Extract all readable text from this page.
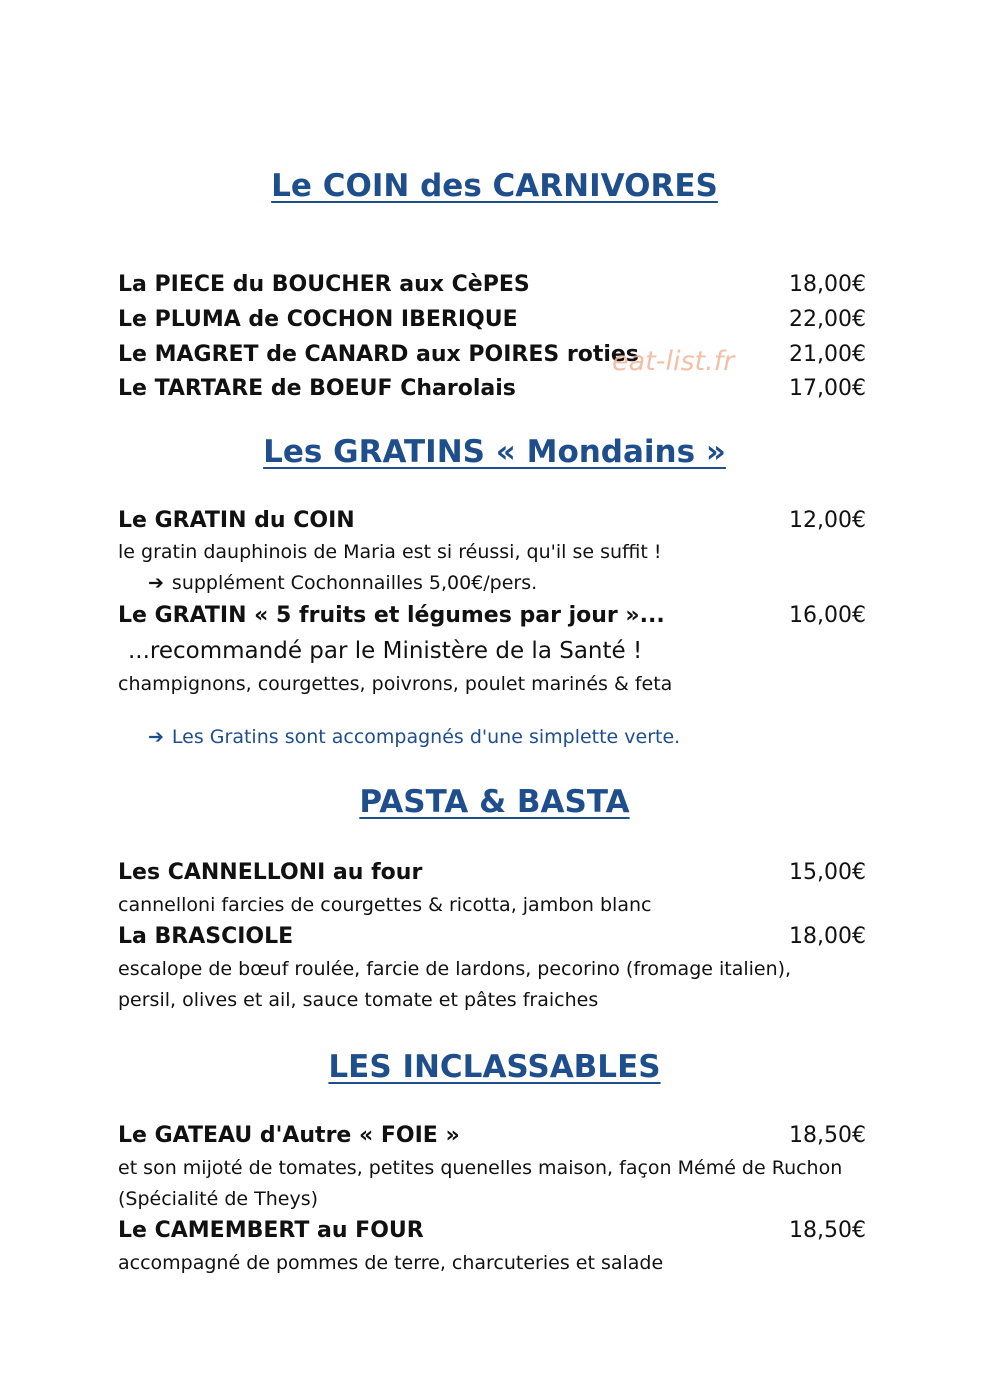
Le COIN des CARNIVORES
La PIECE du BOUCHER aux CèPES	18,00€
Le PLUMA de COCHON IBERIQUE	22,00€
Le MAGRET de CANARD aux POIRES roties	21,00€
Le TARTARE de BOEUF Charolais	17,00€
eat-list.fr
Les GRATINS « Mondains »
Le GRATIN du COIN	12,00€
le gratin dauphinois de Maria est si réussi, qu'il se suffit !
➔ supplément Cochonnailles 5,00€/pers.
Le GRATIN « 5 fruits et légumes par jour »...	16,00€
...recommandé par le Ministère de la Santé !
champignons, courgettes, poivrons, poulet marinés & feta
➔ Les Gratins sont accompagnés d'une simplette verte.
PASTA & BASTA
Les CANNELLONI au four	15,00€
cannelloni farcies de courgettes & ricotta, jambon blanc
La BRASCIOLE	18,00€
escalope de bœuf roulée, farcie de lardons, pecorino (fromage italien),
persil, olives et ail, sauce tomate et pâtes fraiches
LES INCLASSABLES
Le GATEAU d'Autre « FOIE »	18,50€
et son mijoté de tomates, petites quenelles maison, façon Mémé de Ruchon
(Spécialité de Theys)
Le CAMEMBERT au FOUR	18,50€
accompagné de pommes de terre, charcuteries et salade
